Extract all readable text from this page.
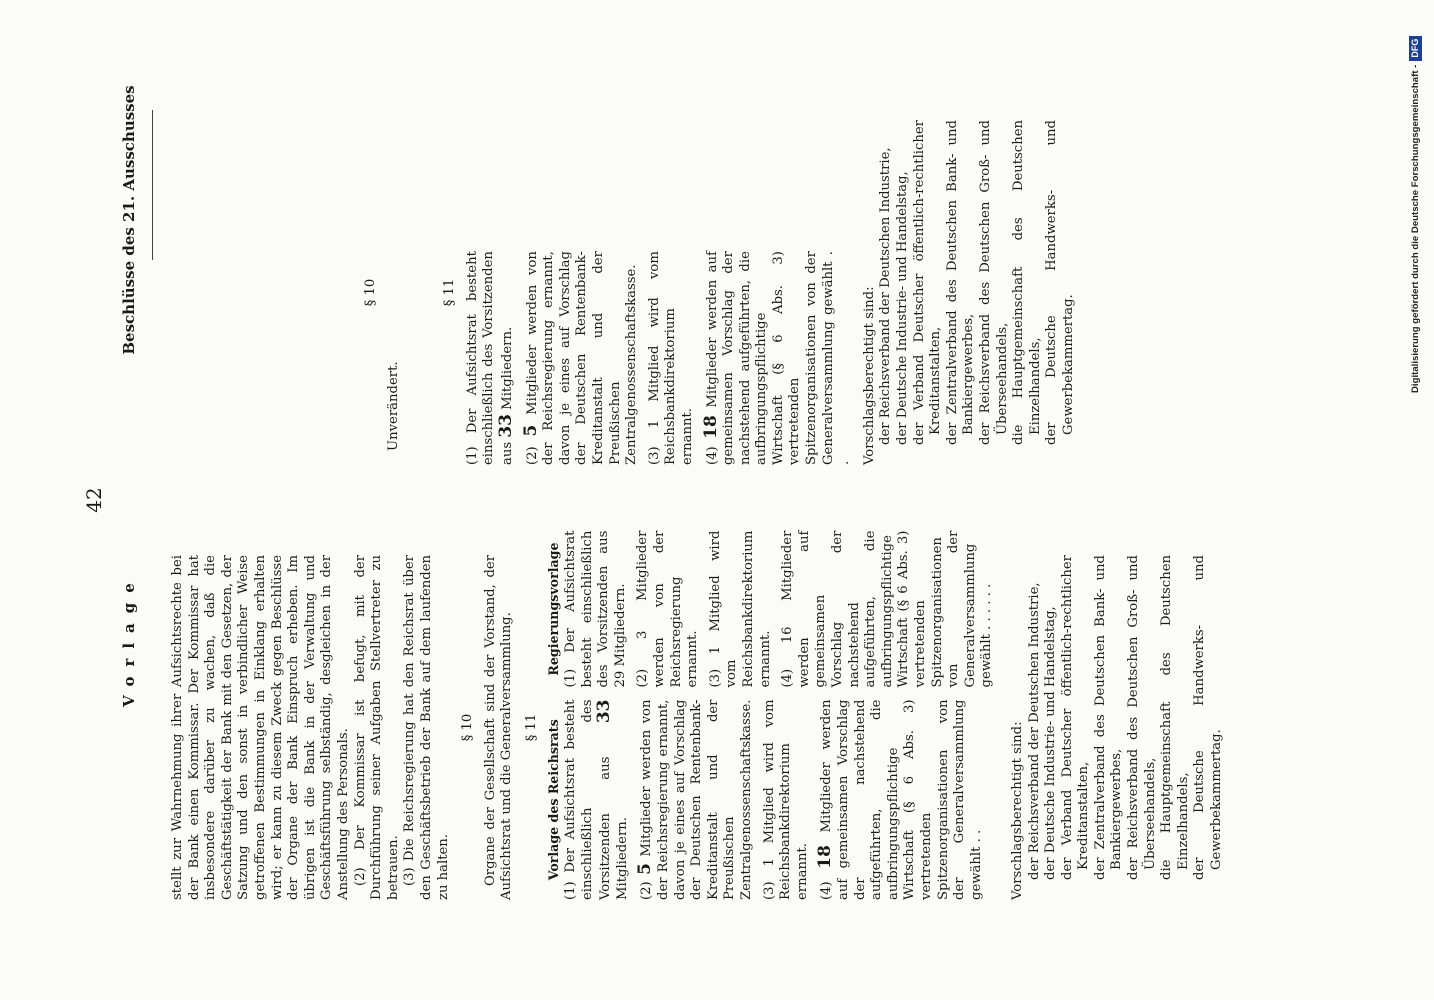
42
Vorlage
Beschlüsse des 21. Ausschusses

stellt zur Wahrnehmung ihrer Aufsichtsrechte bei der Bank einen Kommissar. Der Kommissar hat insbesondere darüber zu wachen, daß die Geschäftstätigkeit der Bank mit den Gesetzen, der Satzung und den sonst in verbindlicher Weise getroffenen Bestimmungen in Einklang erhalten wird; er kann zu diesem Zweck gegen Beschlüsse der Organe der Bank Einspruch erheben. Im übrigen ist die Bank in der Verwaltung und Geschäftsführung selbständig, desgleichen in der Anstellung des Personals. (2) Der Kommissar ist befugt, mit der Durchführung seiner Aufgaben Stellvertreter zu betrauen. (3) Die Reichsregierung hat den Reichsrat über den Geschäftsbetrieb der Bank auf dem laufenden zu halten.

§ 10 Organe der Gesellschaft sind der Vorstand, der Aufsichtsrat und die Generalversammlung. § 11 Vorlage des Reichsrats (1) Der Aufsichtsrat besteht einschließlich des Vorsitzenden aus 33 Mitgliedern. (2) 5 Mitglieder werden von der Reichsregierung ernannt, davon je eines auf Vorschlag der Deutschen Rentenbank-Kreditanstalt und der Preußischen Zentralgenossenschaftskasse. (3) 1 Mitglied wird vom Reichsbankdirektorium ernannt. (4) 18 Mitglieder werden auf gemeinsamen Vorschlag der nachstehend aufgeführten, die aufbringungspflichtige Wirtschaft (§ 6 Abs. 3) vertretenden Spitzenorganisationen von der Generalversammlung gewählt . .
Regierungsvorlage (1) Der Aufsichtsrat besteht einschließlich des Vorsitzenden aus 29 Mitgliedern. (2) 3 Mitglieder werden von der Reichsregierung ernannt. (3) 1 Mitglied wird vom Reichsbankdirektorium ernannt. (4) 16 Mitglieder werden auf gemeinsamen Vorschlag der nachstehend aufgeführten, die aufbringungspflichtige Wirtschaft (§ 6 Abs. 3) vertretenden Spitzenorganisationen von der Generalversammlung gewählt . . . . . .
Vorschlagsberechtigt sind: der Reichsverband der Deutschen Industrie, der Deutsche Industrie- und Handelstag, der Verband Deutscher öffentlich-rechtlicher Kreditanstalten, der Zentralverband des Deutschen Bank- und Bankiergewerbes, der Reichsverband des Deutschen Groß- und Überseehandels, die Hauptgemeinschaft des Deutschen Einzelhandels, der Deutsche Handwerks- und Gewerbekammertag.
§ 10

Unverändert.

§ 11 (1) Der Aufsichtsrat besteht einschließlich des Vorsitzenden aus 33 Mitgliedern.
(2) 5 Mitglieder werden von der Reichsregierung ernannt, davon je eines auf Vorschlag der Deutschen Rentenbank-Kreditanstalt und der Preußischen Zentralgenossenschaftskasse. (3) 1 Mitglied wird vom Reichsbankdirektorium ernannt. (4) 18 Mitglieder werden auf gemeinsamen Vorschlag der nachstehend aufgeführten, die aufbringungspflichtige Wirtschaft (§ 6 Abs. 3) vertretenden Spitzenorganisationen von der Generalversammlung gewählt . . Vorschlagsberechtigt sind: der Reichsverband der Deutschen Industrie, der Deutsche Industrie- und Handelstag, der Verband Deutscher öffentlich-rechtlicher Kreditanstalten, der Zentralverband des Deutschen Bank- und Bankiergewerbes, der Reichsverband des Deutschen Groß- und Überseehandels, die Hauptgemeinschaft des Deutschen Einzelhandels, der Deutsche Handwerks- und Gewerbekammertag.	Digitalisierung gefördert durch die Deutsche Forschungsgemeinschaft -DFG
